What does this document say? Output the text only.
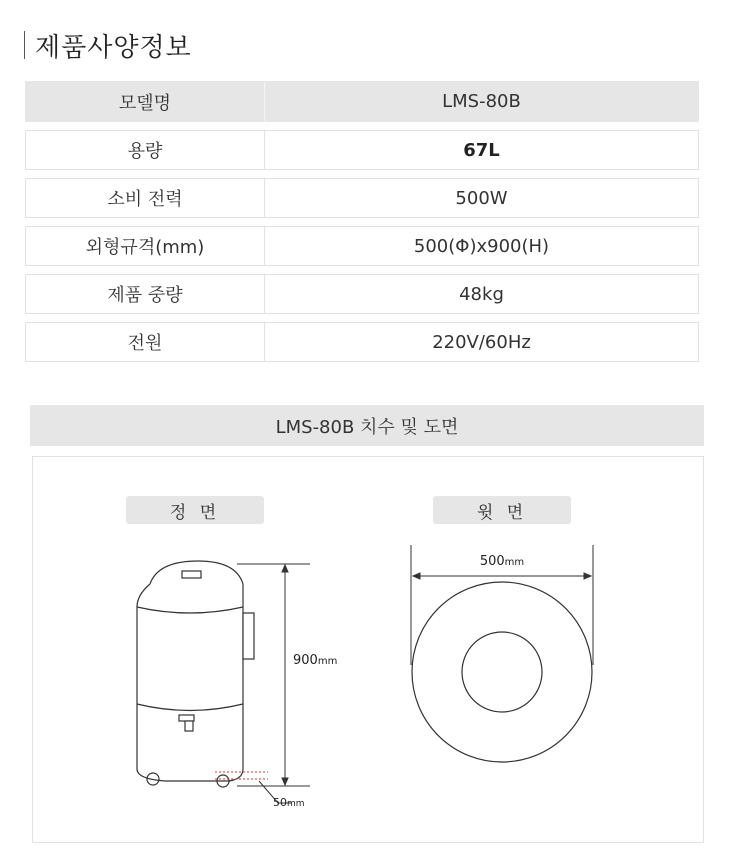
제품사양정보
모델명	LMS-80B
용량	67L
소비 전력	500W
외형규격(mm)	500(Φ)x900(H)
제품 중량	48kg
전원	220V/60Hz
LMS-80B 치수 및 도면
정 면	윗 면
900mm
50mm
500mm
